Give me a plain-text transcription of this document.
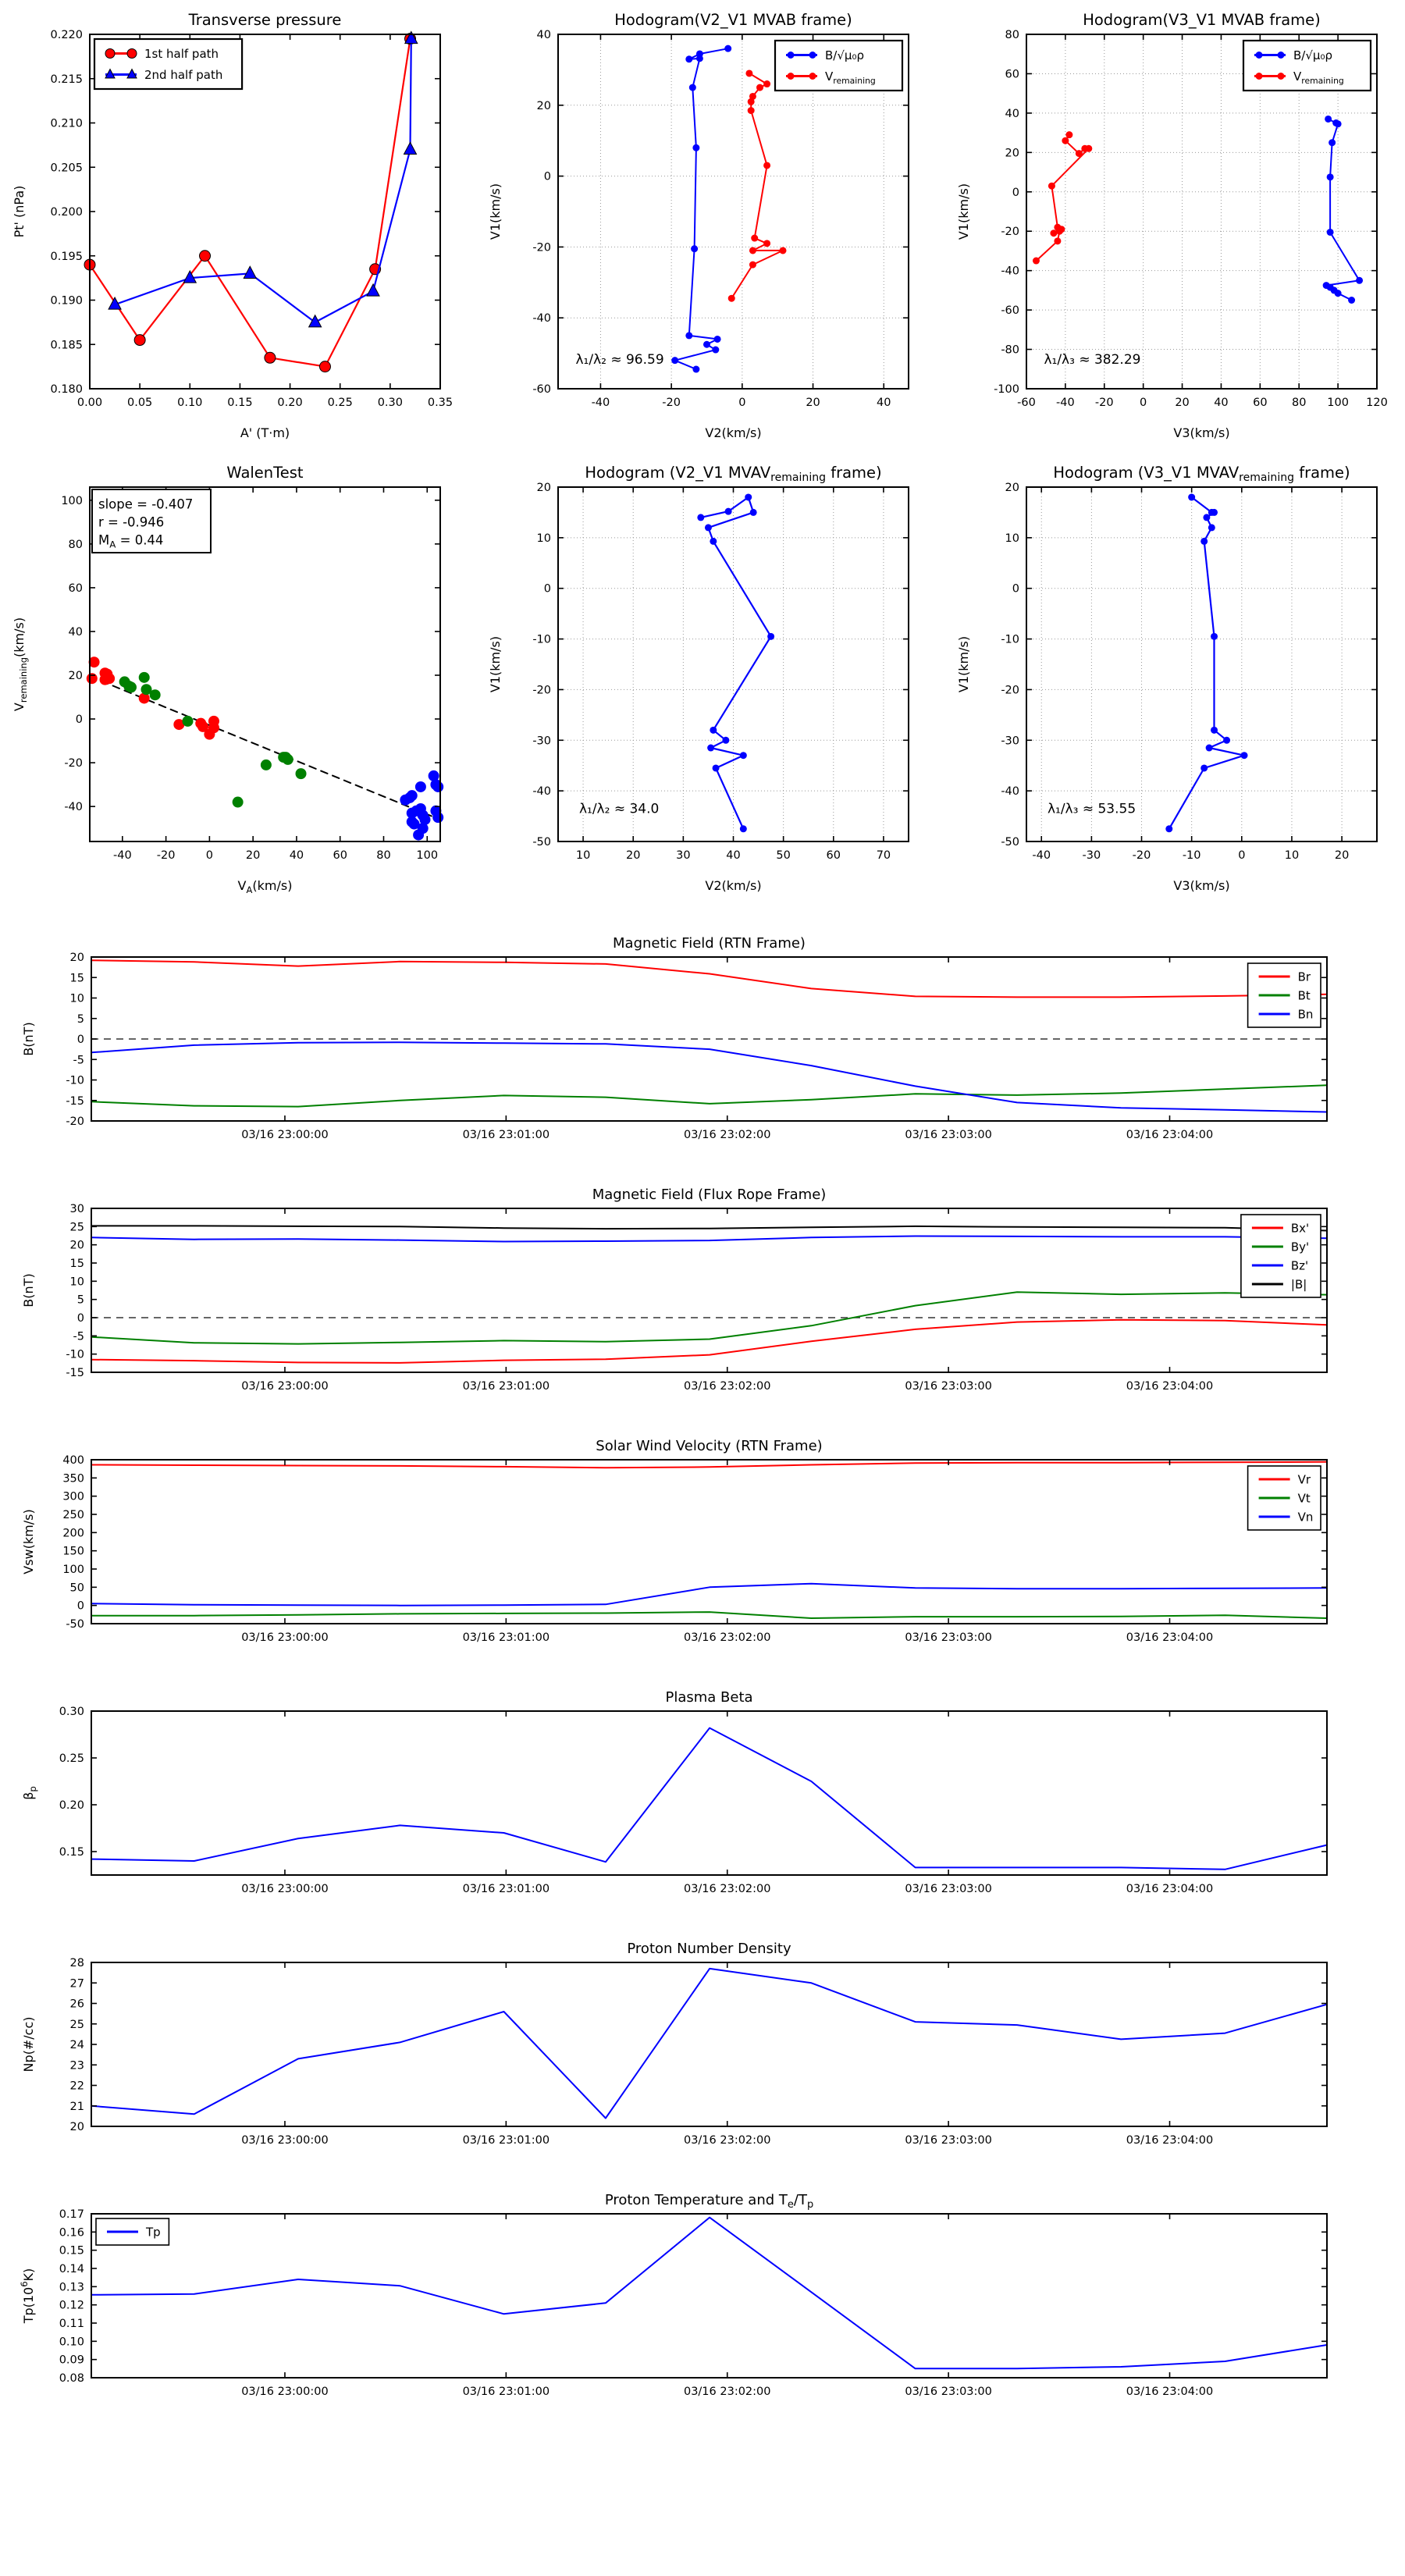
0.00 0.05 0.10 0.15 0.20 0.25 0.30 0.35
0.180
0.185
0.190
0.195
0.200
0.205
0.210
0.215
0.220
Transverse pressure
A' (T·m)
Pt' (nPa)
1st half path
2nd half path
-40	-20	0	20	40
-60
-40
-20
0
20
40
Hodogram(V2_V1 MVAB frame)
V2(km/s)
V1(km/s)
λ₁/λ₂ ≈ 96.59
B/√μ₀ρ
$V_{remaining}$
-60 -40 -20 0 20 40 60 80 100 120
-100
-80
-60
-40
-20
0
20
40
60
80
Hodogram(V3_V1 MVAB frame)
V3(km/s)
V1(km/s)
λ₁/λ₃ ≈ 382.29
B/√μ₀ρ
$V_{remaining}$
-40 -20	0	20	40	60	80 100
-40
-20
0
20
40
60
80
100
WalenTest
$V_A(km/s)$
$V_{remaining}(km/s)$
slope = -0.407
r = -0.946
$M_A = 0.44$
10	20	30	40	50	60	70
-50
-40
-30
-20
-10
0
10
20
Hodogram (V2_V1 $MVAV_{remaining}$ frame)
V2(km/s)
V1(km/s)
λ₁/λ₂ ≈ 34.0
-40	-30	-20	-10	0	10	20
-50
-40
-30
-20
-10
0
10
20
Hodogram (V3_V1 $MVAV_{remaining}$ frame)
V3(km/s)
V1(km/s)
λ₁/λ₃ ≈ 53.55
03/16 23:00:00	03/16 23:01:00	03/16 23:02:00	03/16 23:03:00	03/16 23:04:00
-20
-15
-10
-5
0
5
10
15
20
Magnetic Field (RTN Frame)
B(nT)
Br
Bt
Bn
03/16 23:00:00	03/16 23:01:00	03/16 23:02:00	03/16 23:03:00	03/16 23:04:00
-15
-10
-5
0
5
10
15
20
25
30
Magnetic Field (Flux Rope Frame)
B(nT)
Bx'
By'
Bz'
|B|
03/16 23:00:00	03/16 23:01:00	03/16 23:02:00	03/16 23:03:00	03/16 23:04:00
-50
0
50
100
150
200
250
300
350
400
Solar Wind Velocity (RTN Frame)
Vsw(km/s)
Vr
Vt
Vn
03/16 23:00:00	03/16 23:01:00	03/16 23:02:00	03/16 23:03:00	03/16 23:04:00
0.15
0.20
0.25
0.30
Plasma Beta
$\beta_p$
03/16 23:00:00	03/16 23:01:00	03/16 23:02:00	03/16 23:03:00	03/16 23:04:00
20
21
22
23
24
25
26
27
28
Proton Number Density
Np(#/cc)
03/16 23:00:00	03/16 23:01:00	03/16 23:02:00	03/16 23:03:00	03/16 23:04:00
0.08
0.09
0.10
0.11
0.12
0.13
0.14
0.15
0.16
0.17
Proton Temperature and $T_e/T_p$
$Tp(10^6K)$
Tp
